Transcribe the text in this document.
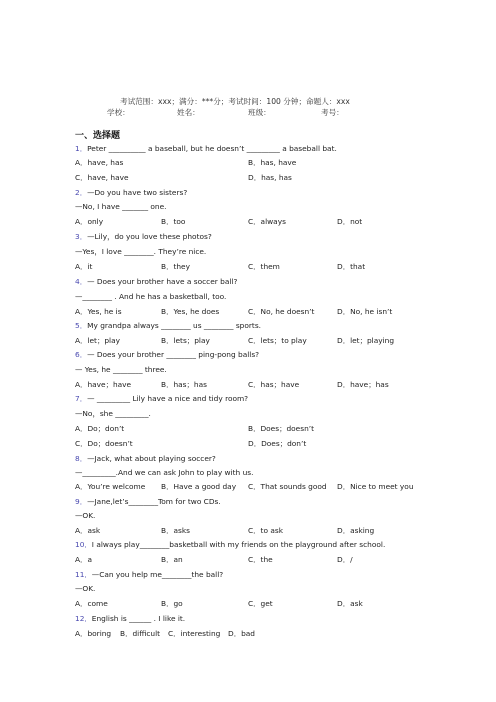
考试范围：xxx；满分：***分；考试时间：100 分钟；命题人：xxx
学校：	姓名：	班级：	考号：
一、选择题
1．Peter __________ a baseball, but he doesn’t _________ a baseball bat.
A．have, has	B．has, have
C．have, have	D．has, has
2．—Do you have two sisters?
—No, I have _______ one.
A．only	B．too	C．always	D．not
3．—Lily，do you love these photos?
—Yes，I love ________. They’re nice.
A．it	B．they	C．them	D．that
4．— Does your brother have a soccer ball?
—________ . And he has a basketball, too.
A．Yes, he is	B．Yes, he does	C．No, he doesn’t	D．No, he isn’t
5．My grandpa always ________ us ________ sports.
A．let；play	B．lets；play	C．lets；to play	D．let；playing
6．— Does your brother ________ ping-pong balls?
— Yes, he ________ three.
A．have；have	B．has；has	C．has；have	D．have；has
7．— _________ Lily have a nice and tidy room?
—No，she _________.
A．Do；don’t	B．Does；doesn’t
C．Do；doesn’t	D．Does；don’t
8．—Jack, what about playing soccer?
—_________.And we can ask John to play with us.
A．You’re welcome B．Have a good day C．That sounds good D．Nice to meet you
9．—Jane,let’s________Tom for two CDs.
—OK.
A．ask	B．asks	C．to ask	D．asking
10．I always play________basketball with my friends on the playground after school.
A．a	B．an	C．the	D．/
11．—Can you help me________the ball?
—OK.
A．come	B．go	C．get	D．ask
12．English is ______ . I like it.
A．boring B．difficult C．interesting D．bad
